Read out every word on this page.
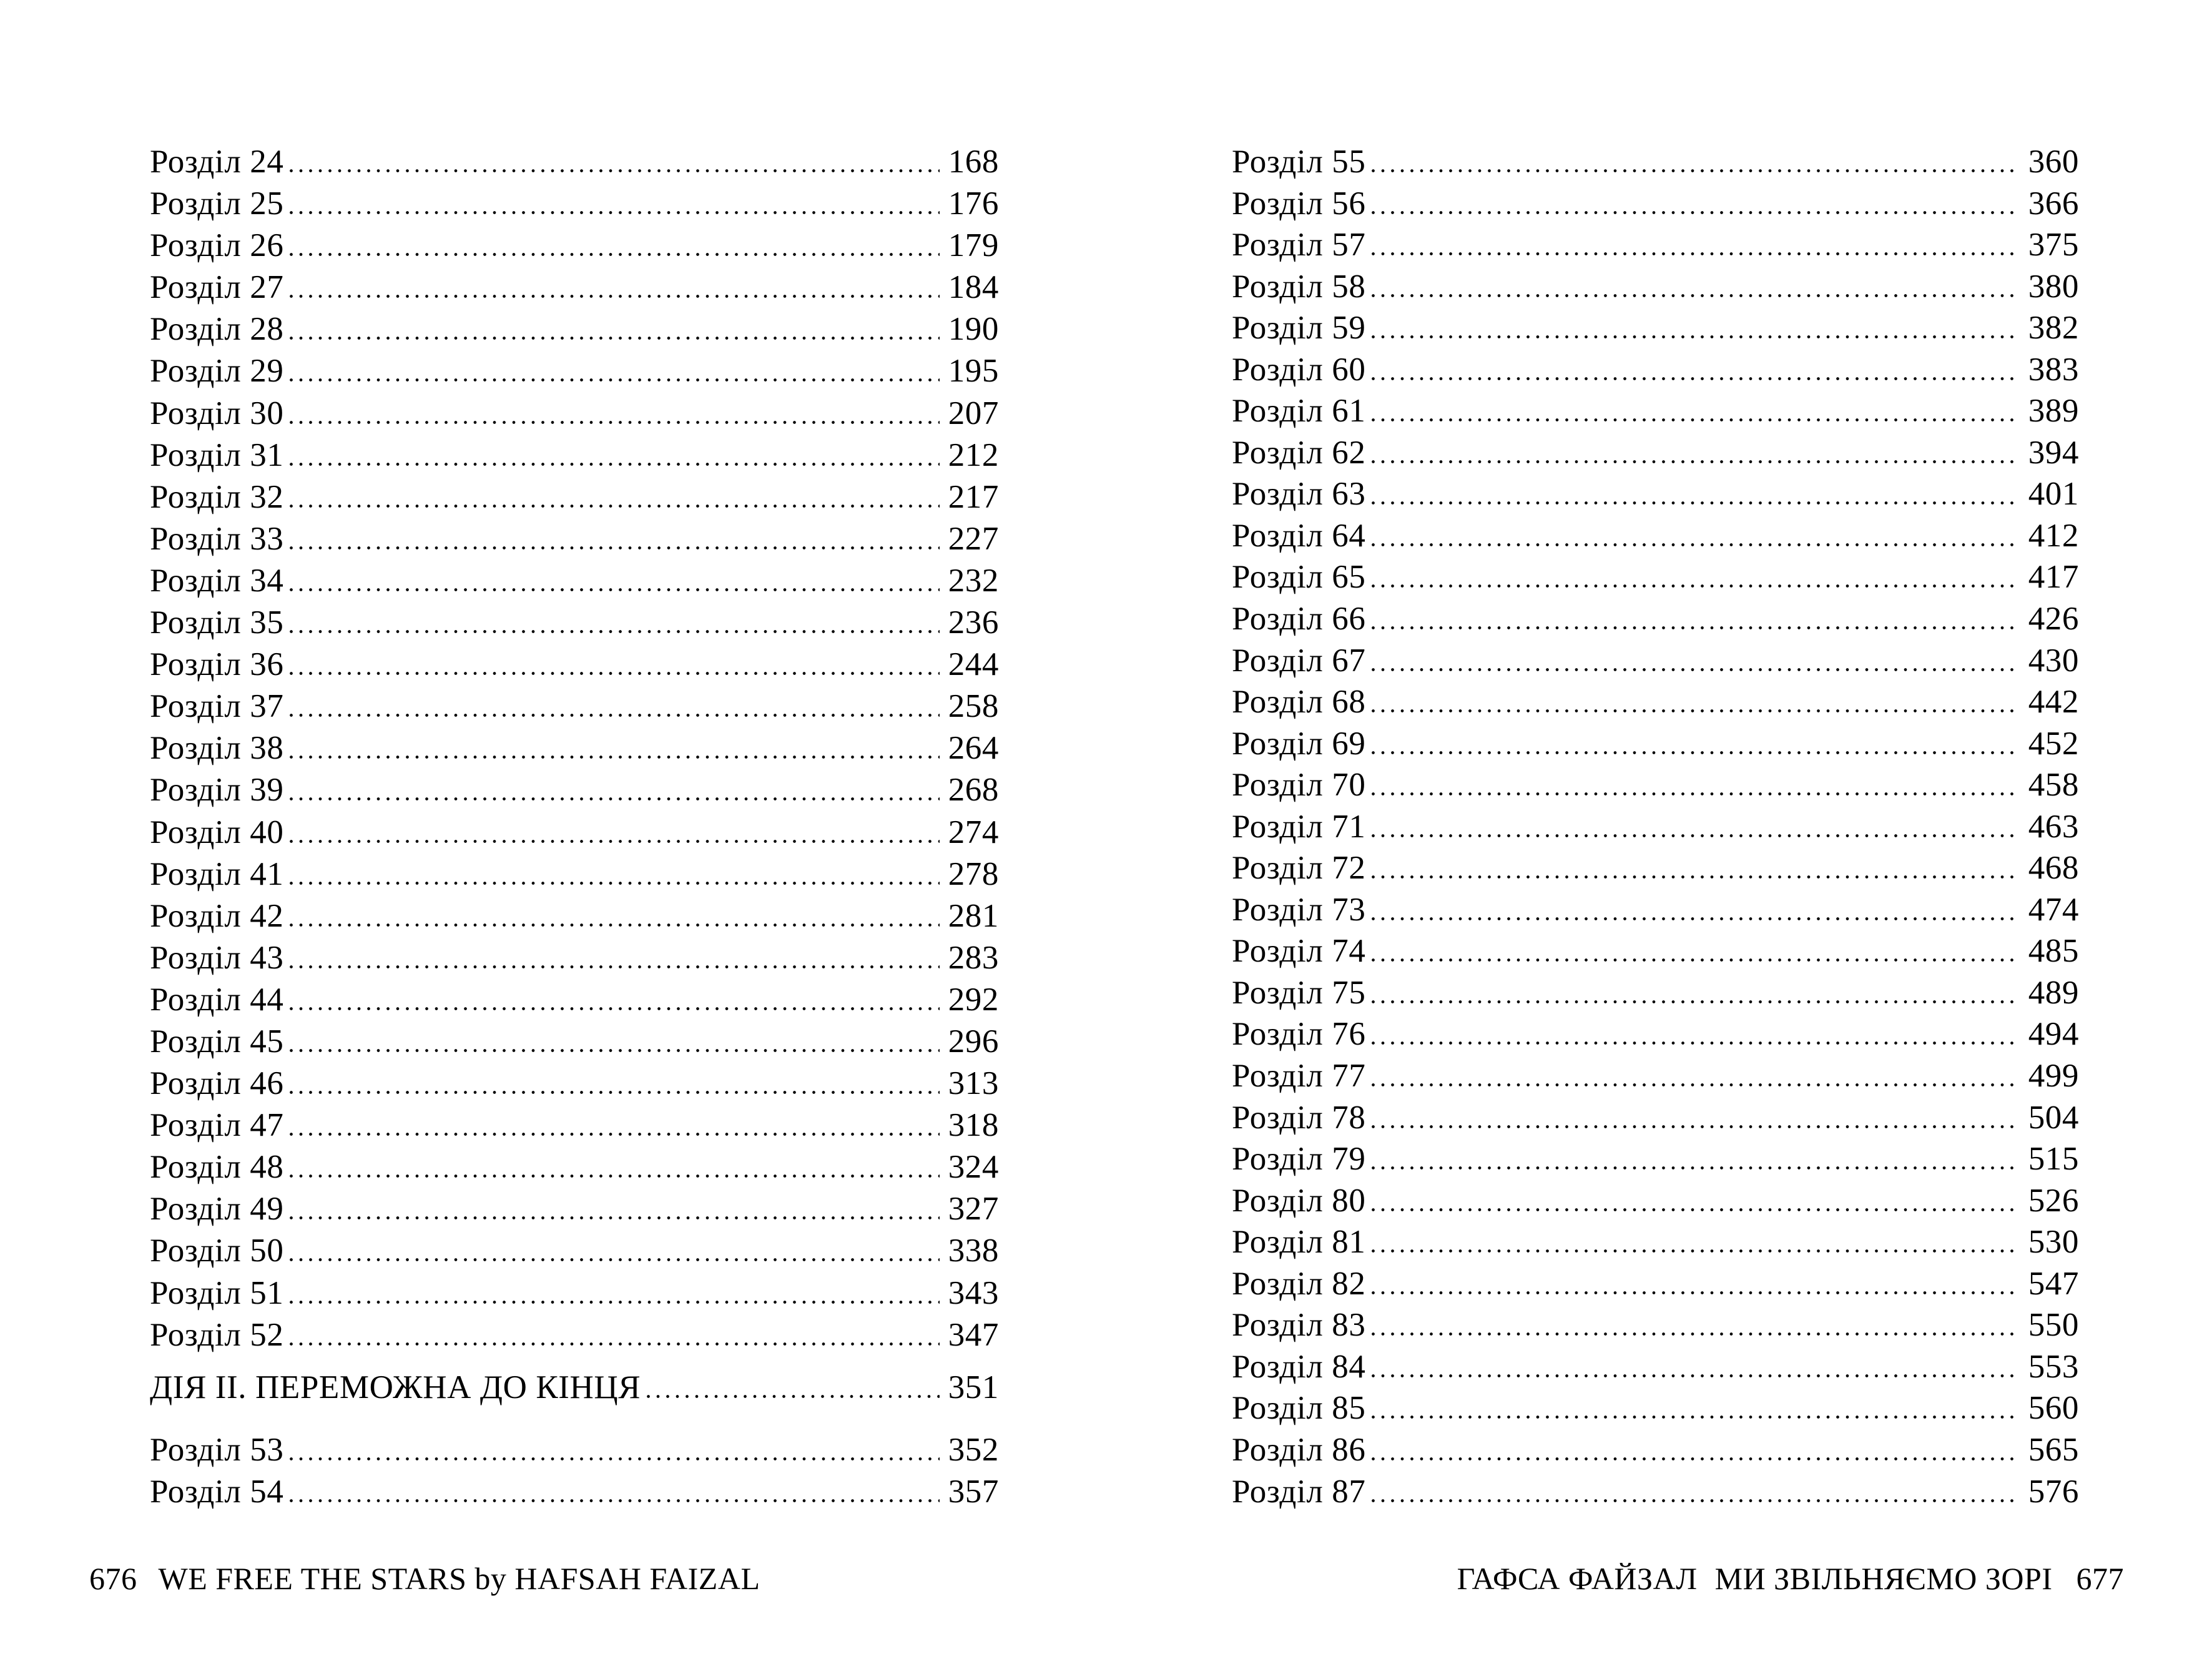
Розділ 24	168
Розділ 25	176
Розділ 26	179
Розділ 27	184
Розділ 28	190
Розділ 29	195
Розділ 30	207
Розділ 31	212
Розділ 32	217
Розділ 33	227
Розділ 34	232
Розділ 35	236
Розділ 36	244
Розділ 37	258
Розділ 38	264
Розділ 39	268
Розділ 40	274
Розділ 41	278
Розділ 42	281
Розділ 43	283
Розділ 44	292
Розділ 45	296
Розділ 46	313
Розділ 47	318
Розділ 48	324
Розділ 49	327
Розділ 50	338
Розділ 51	343
Розділ 52	347
ДІЯ II. ПЕРЕМОЖНА ДО КІНЦЯ	351
Розділ 53	352
Розділ 54	357
Розділ 55	360
Розділ 56	366
Розділ 57	375
Розділ 58	380
Розділ 59	382
Розділ 60	383
Розділ 61	389
Розділ 62	394
Розділ 63	401
Розділ 64	412
Розділ 65	417
Розділ 66	426
Розділ 67	430
Розділ 68	442
Розділ 69	452
Розділ 70	458
Розділ 71	463
Розділ 72	468
Розділ 73	474
Розділ 74	485
Розділ 75	489
Розділ 76	494
Розділ 77	499
Розділ 78	504
Розділ 79	515
Розділ 80	526
Розділ 81	530
Розділ 82	547
Розділ 83	550
Розділ 84	553
Розділ 85	560
Розділ 86	565
Розділ 87	576
676 WE FREE THE STARS by HAFSAH FAIZAL	ГАФСА ФАЙЗАЛ МИ ЗВІЛЬНЯЄМО ЗОРІ 677
